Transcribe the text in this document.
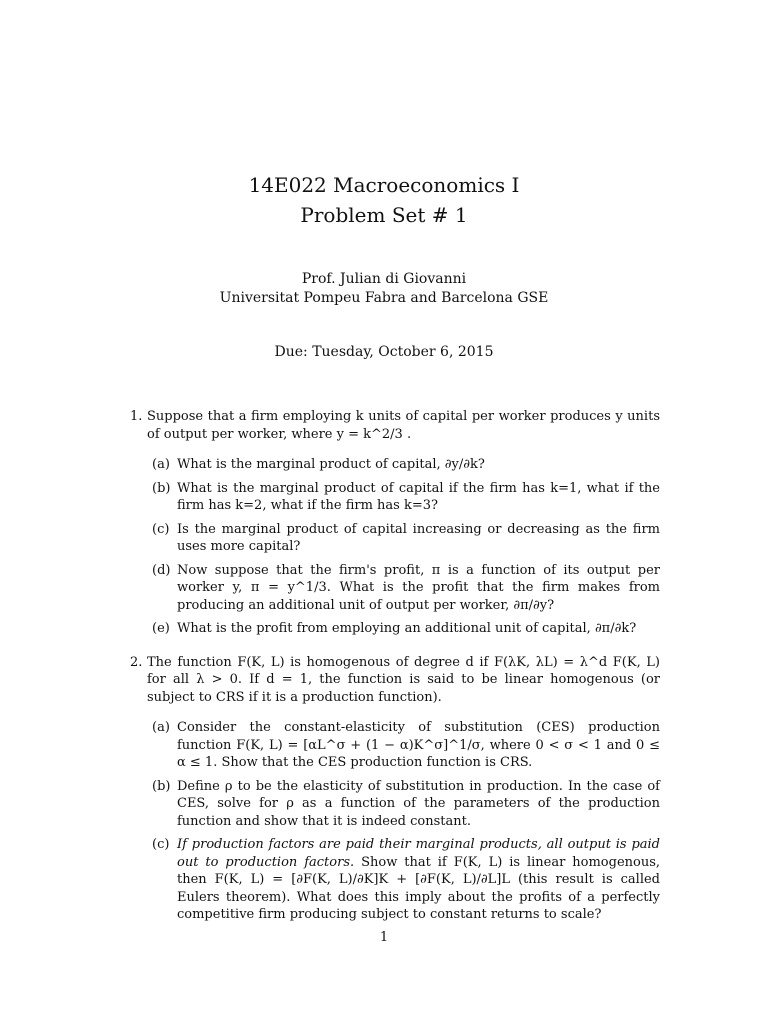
14E022 Macroeconomics I
Problem Set # 1
Prof. Julian di Giovanni
Universitat Pompeu Fabra and Barcelona GSE
Due: Tuesday, October 6, 2015
1. Suppose that a firm employing k units of capital per worker produces y units of output per worker, where y = k^2/3 .
(a) What is the marginal product of capital, ∂y/∂k?
(b) What is the marginal product of capital if the firm has k=1, what if the firm has k=2, what if the firm has k=3?
(c) Is the marginal product of capital increasing or decreasing as the firm uses more capital?
(d) Now suppose that the firm's profit, π is a function of its output per worker y, π = y^1/3. What is the profit that the firm makes from producing an additional unit of output per worker, ∂π/∂y?
(e) What is the profit from employing an additional unit of capital, ∂π/∂k?
2. The function F(K, L) is homogenous of degree d if F(λK, λL) = λ^d F(K, L) for all λ > 0. If d = 1, the function is said to be linear homogenous (or subject to CRS if it is a production function).
(a) Consider the constant-elasticity of substitution (CES) production function F(K, L) = [αL^σ + (1 − α)K^σ]^1/σ, where 0 < σ < 1 and 0 ≤ α ≤ 1. Show that the CES production function is CRS.
(b) Define ρ to be the elasticity of substitution in production. In the case of CES, solve for ρ as a function of the parameters of the production function and show that it is indeed constant.
(c) If production factors are paid their marginal products, all output is paid out to production factors. Show that if F(K, L) is linear homogenous, then F(K, L) = [∂F(K, L)/∂K]K + [∂F(K, L)/∂L]L (this result is called Eulers theorem). What does this imply about the profits of a perfectly competitive firm producing subject to constant returns to scale?
1
